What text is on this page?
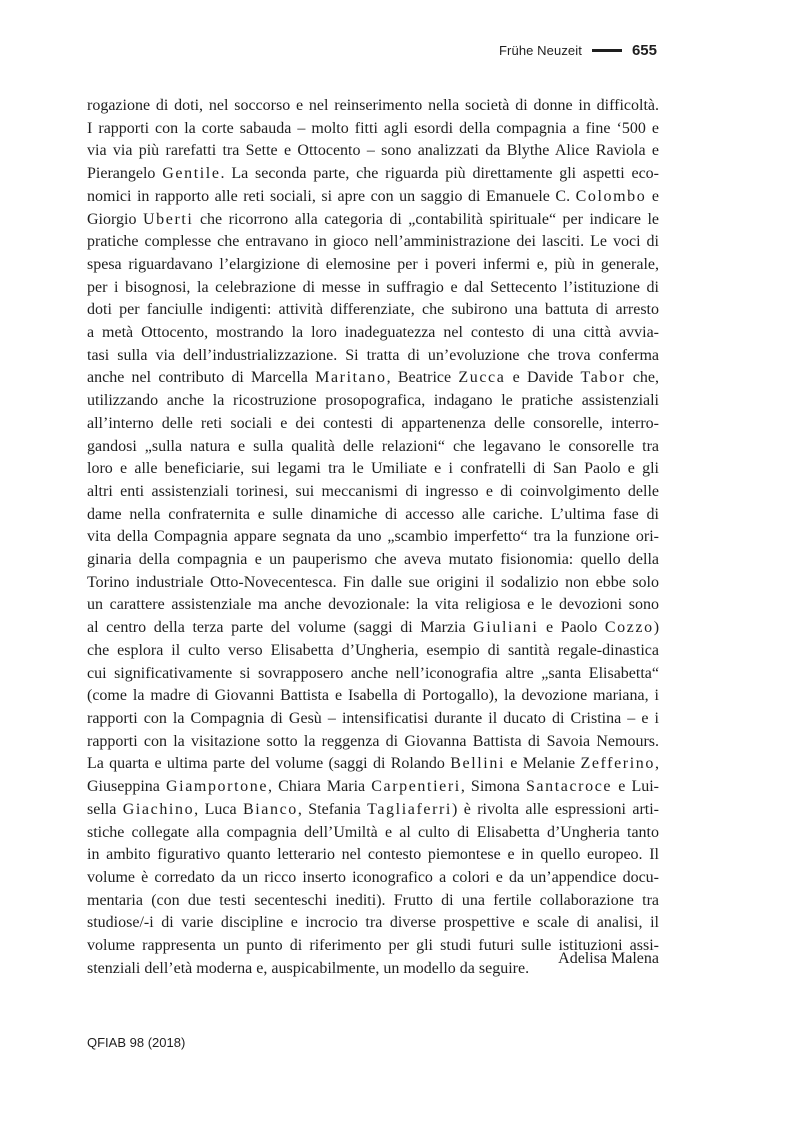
Frühe Neuzeit	655
rogazione di doti, nel soccorso e nel reinserimento nella società di donne in difficoltà.
I rapporti con la corte sabauda – molto fitti agli esordi della compagnia a fine ‘500 e
via via più rarefatti tra Sette e Ottocento – sono analizzati da Blythe Alice Raviola e
Pierangelo Gentile. La seconda parte, che riguarda più direttamente gli aspetti eco-
nomici in rapporto alle reti sociali, si apre con un saggio di Emanuele C. Colombo e
Giorgio Uberti che ricorrono alla categoria di „contabilità spirituale“ per indicare le
pratiche complesse che entravano in gioco nell’amministrazione dei lasciti. Le voci di
spesa riguardavano l’elargizione di elemosine per i poveri infermi e, più in generale,
per i bisognosi, la celebrazione di messe in suffragio e dal Settecento l’istituzione di
doti per fanciulle indigenti: attività differenziate, che subirono una battuta di arresto
a metà Ottocento, mostrando la loro inadeguatezza nel contesto di una città avvia-
tasi sulla via dell’industrializzazione. Si tratta di un’evoluzione che trova conferma
anche nel contributo di Marcella Maritano, Beatrice Zucca e Davide Tabor che,
utilizzando anche la ricostruzione prosopografica, indagano le pratiche assistenziali
all’interno delle reti sociali e dei contesti di appartenenza delle consorelle, interro-
gandosi „sulla natura e sulla qualità delle relazioni“ che legavano le consorelle tra
loro e alle beneficiarie, sui legami tra le Umiliate e i confratelli di San Paolo e gli
altri enti assistenziali torinesi, sui meccanismi di ingresso e di coinvolgimento delle
dame nella confraternita e sulle dinamiche di accesso alle cariche. L’ultima fase di
vita della Compagnia appare segnata da uno „scambio imperfetto“ tra la funzione ori-
ginaria della compagnia e un pauperismo che aveva mutato fisionomia: quello della
Torino industriale Otto-Novecentesca. Fin dalle sue origini il sodalizio non ebbe solo
un carattere assistenziale ma anche devozionale: la vita religiosa e le devozioni sono
al centro della terza parte del volume (saggi di Marzia Giuliani e Paolo Cozzo)
che esplora il culto verso Elisabetta d’Ungheria, esempio di santità regale-dinastica
cui significativamente si sovrapposero anche nell’iconografia altre „santa Elisabetta“
(come la madre di Giovanni Battista e Isabella di Portogallo), la devozione mariana, i
rapporti con la Compagnia di Gesù – intensificatisi durante il ducato di Cristina – e i
rapporti con la visitazione sotto la reggenza di Giovanna Battista di Savoia Nemours.
La quarta e ultima parte del volume (saggi di Rolando Bellini e Melanie Zefferino,
Giuseppina Giamportone, Chiara Maria Carpentieri, Simona Santacroce e Lui-
sella Giachino, Luca Bianco, Stefania Tagliaferri) è rivolta alle espressioni arti-
stiche collegate alla compagnia dell’Umiltà e al culto di Elisabetta d’Ungheria tanto
in ambito figurativo quanto letterario nel contesto piemontese e in quello europeo. Il
volume è corredato da un ricco inserto iconografico a colori e da un’appendice docu-
mentaria (con due testi secenteschi inediti). Frutto di una fertile collaborazione tra
studiose/-i di varie discipline e incrocio tra diverse prospettive e scale di analisi, il
volume rappresenta un punto di riferimento per gli studi futuri sulle istituzioni assi-
stenziali dell’età moderna e, auspicabilmente, un modello da seguire.
Adelisa Malena
QFIAB 98 (2018)
